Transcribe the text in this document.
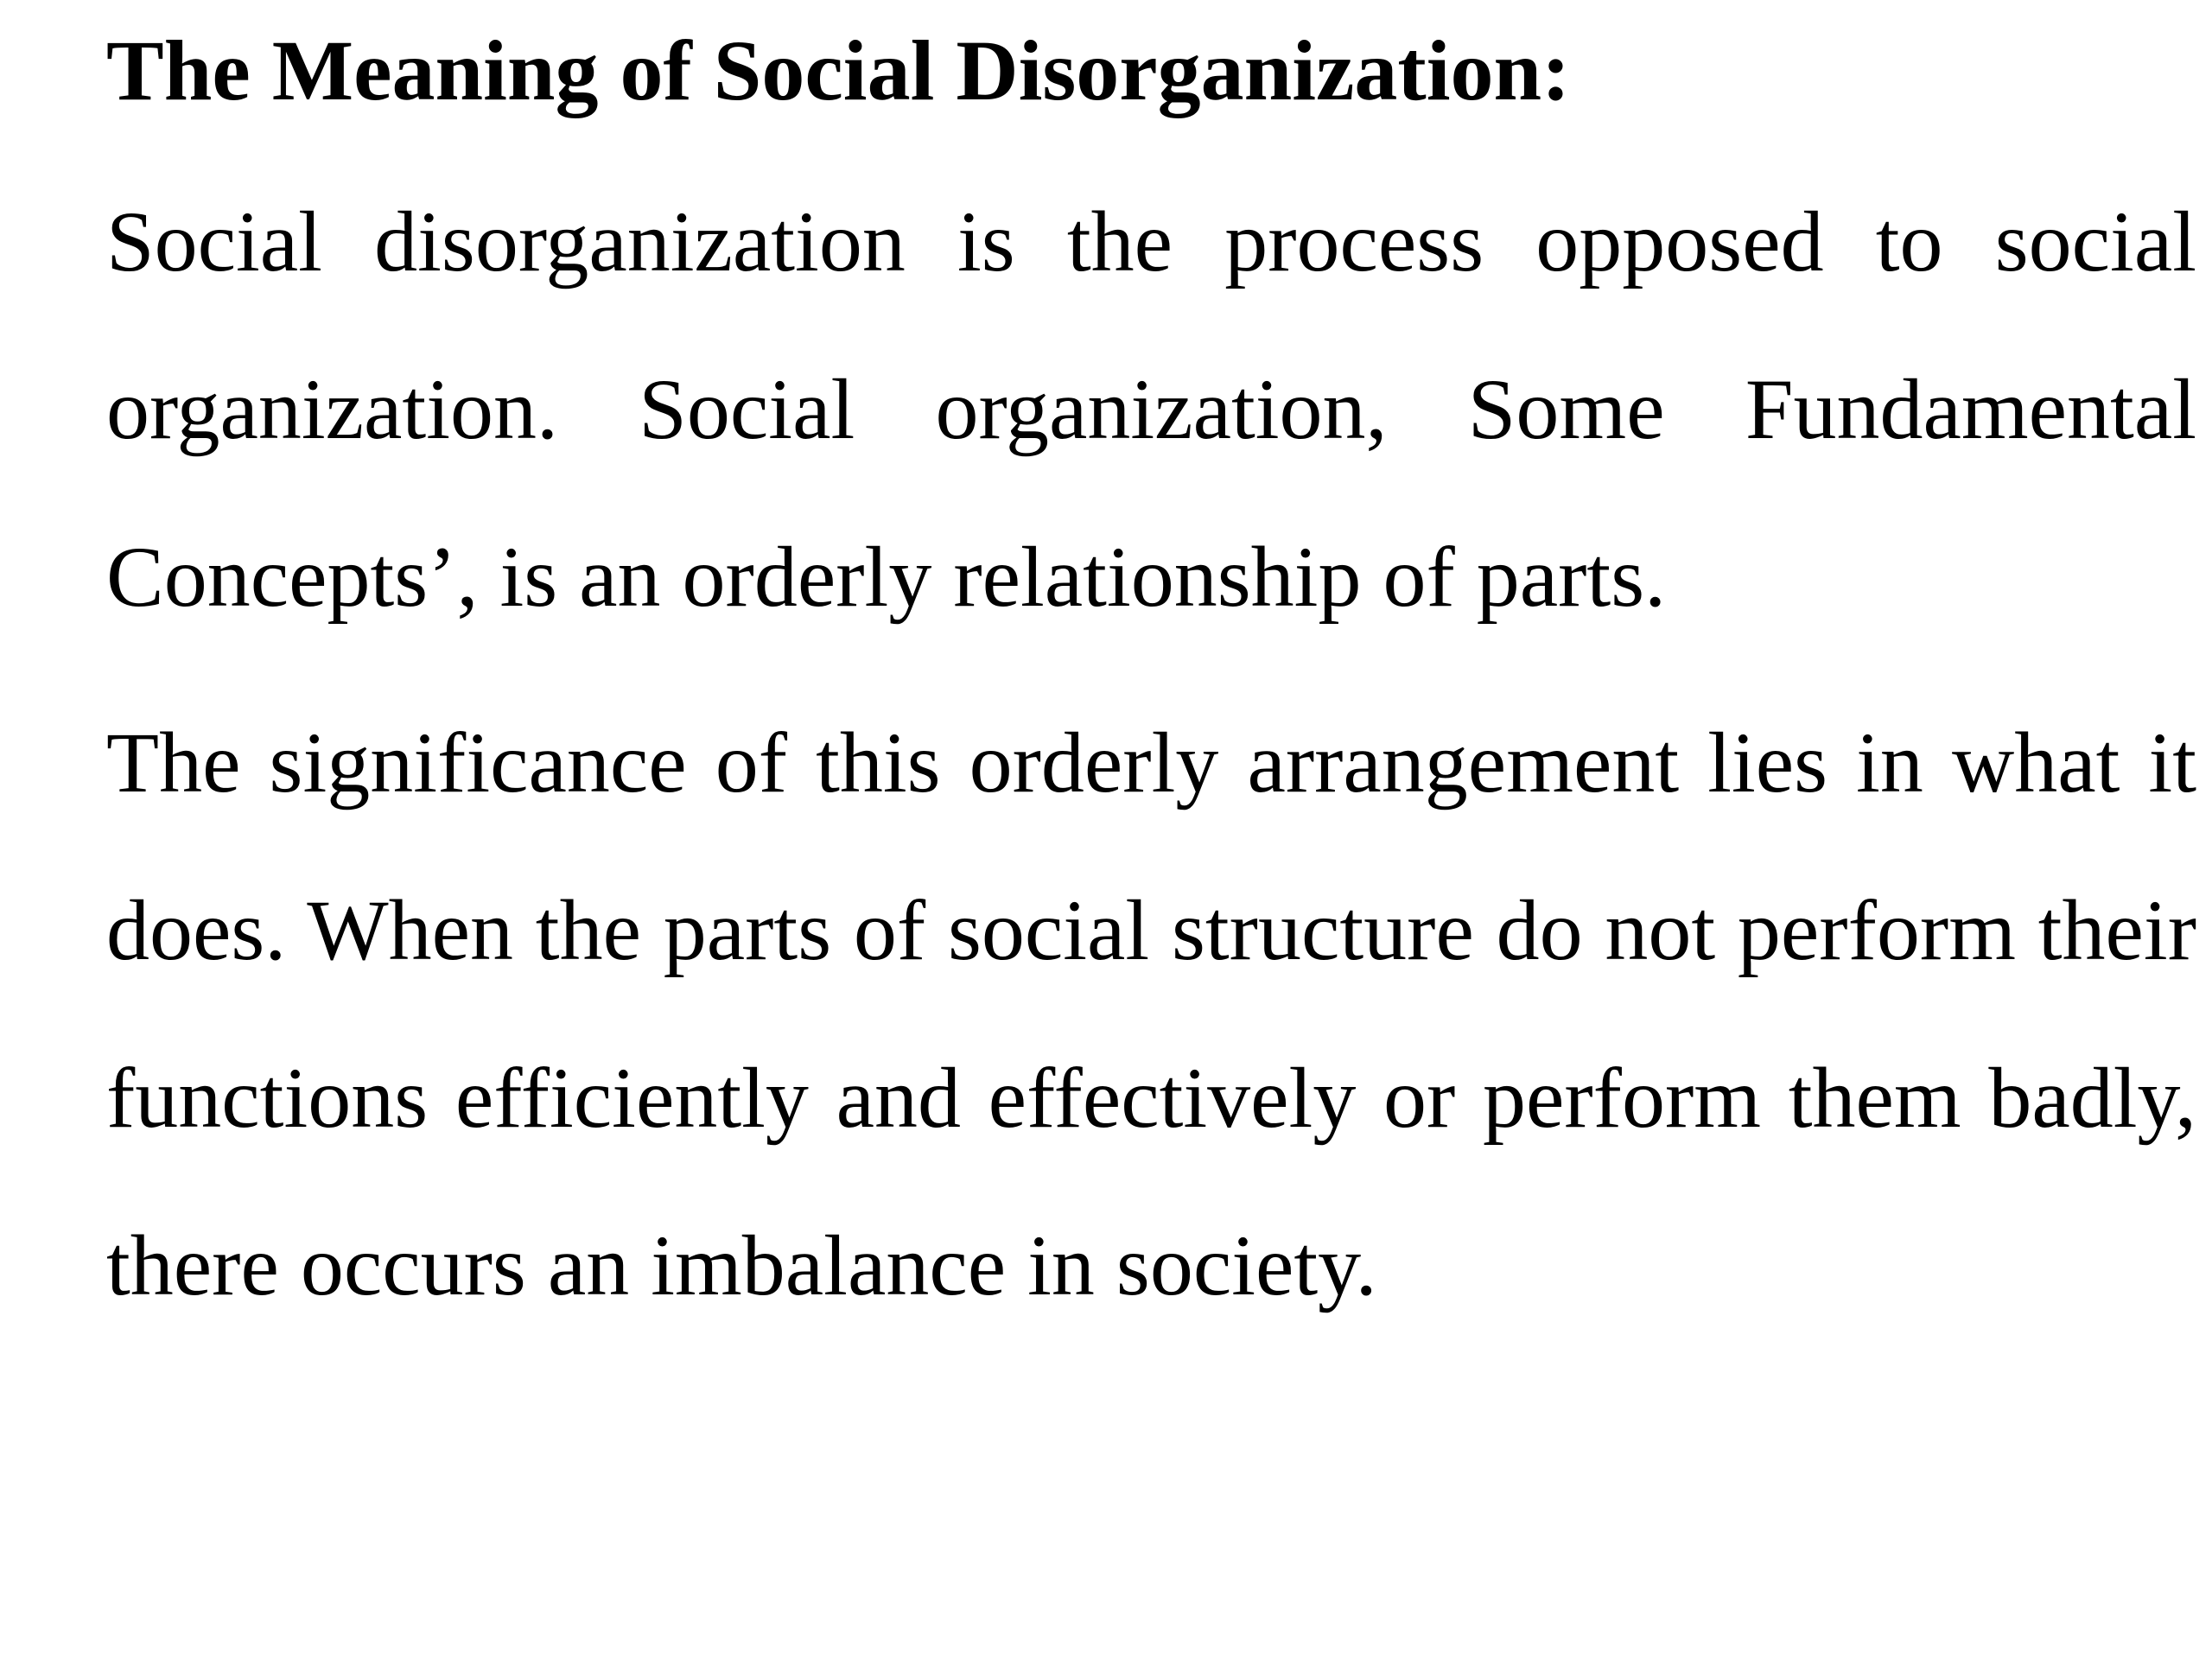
The Meaning of Social Disorganization:

Social disorganization is the process opposed to social organization. Social organization, Some Fundamental Concepts’, is an orderly relationship of parts.

The significance of this orderly arrangement lies in what it does. When the parts of social structure do not perform their functions efficiently and effectively or perform them badly, there occurs an imbalance in society.
